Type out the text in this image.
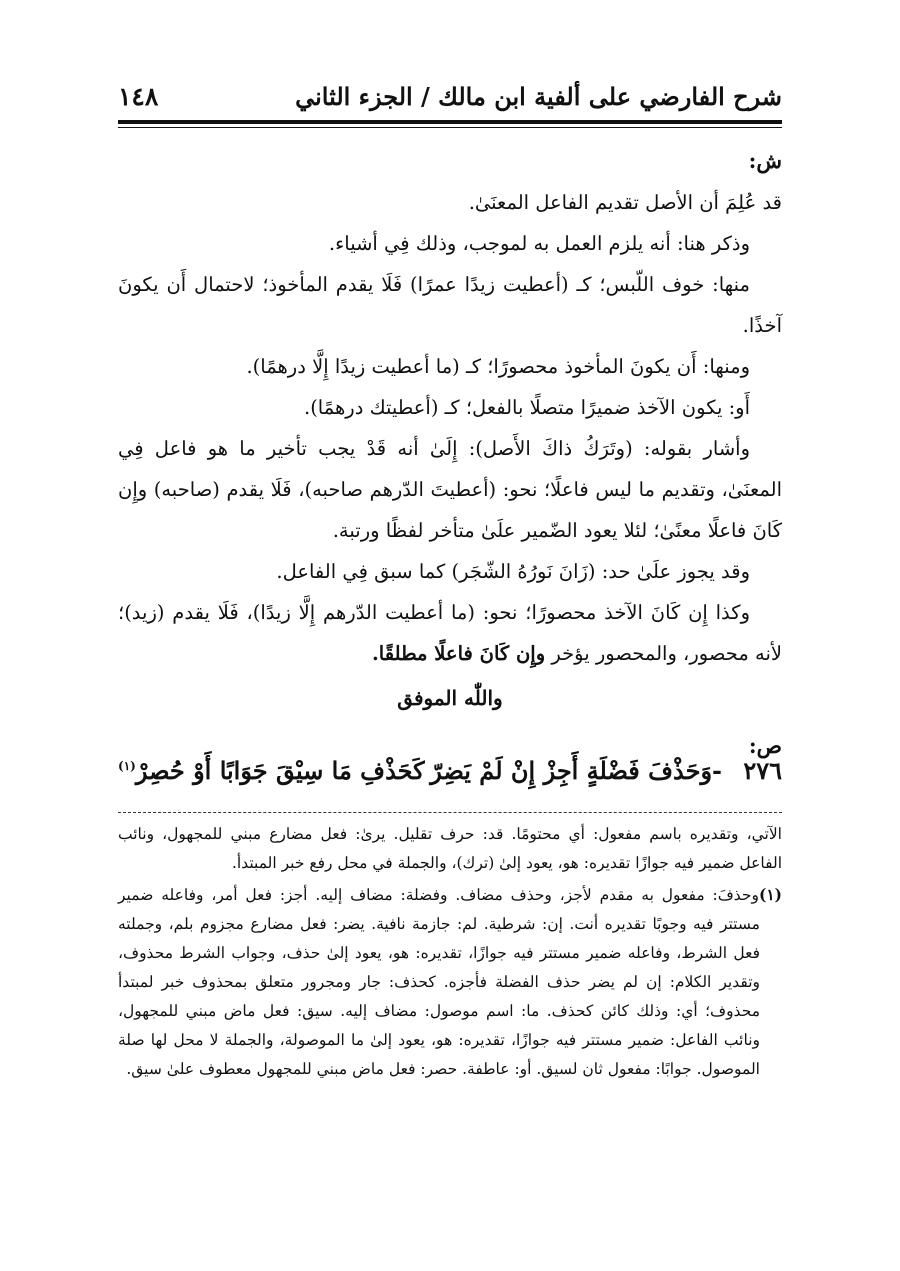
١٤٨	شرح الفارضي على ألفية ابن مالك / الجزء الثاني

ش:

قد عُلِمَ أن الأصل تقديم الفاعل المعنَىٰ.

وذكر هنا: أنه يلزم العمل به لموجب، وذلك فِي أشياء.

منها: خوف اللّبس؛ كـ (أعطيت زيدًا عمرًا) فَلَا يقدم المأخوذ؛ لاحتمال أَن يكونَ آخذًا.

ومنها: أَن يكونَ المأخوذ محصورًا؛ كـ (ما أعطيت زيدًا إِلَّا درهمًا).

أَو: يكون الآخذ ضميرًا متصلًا بالفعل؛ كـ (أعطيتك درهمًا).

وأشار بقوله: (وتَرَكُ ذاكَ الأَصل): إِلَىٰ أنه قَدْ يجب تأخير ما هو فاعل فِي المعنَىٰ، وتقديم ما ليس فاعلًا؛ نحو: (أعطيتَ الدّرهم صاحبه)، فَلَا يقدم (صاحبه) وإِن كَانَ فاعلًا معنًىٰ؛ لئلا يعود الضّمير علَىٰ متأخر لفظًا ورتبة.

وقد يجوز علَىٰ حد: (زَانَ نَورُهُ الشّجَر) كما سبق فِي الفاعل.

وكذا إِن كَانَ الآخذ محصورًا؛ نحو: (ما أعطيت الدّرهم إِلَّا زيدًا)، فَلَا يقدم (زيد)؛ لأنه محصور، والمحصور يؤخر وإِن كَانَ فاعلًا مطلقًا.

واللّٰه الموفق

ص:

٢٧٦
-وَحَذْفَ فَضْلَةٍ أَجِزْ إِنْ لَمْ يَضِرّ
كَحَذْفِ مَا سِيْقَ جَوَابًا أَوْ حُصِرْ$^{(١)}$

الآتي، وتقديره باسم مفعول: أي محتومًا. قد: حرف تقليل. يرىٰ: فعل مضارع مبني للمجهول، ونائب الفاعل ضمير فيه جوازًا تقديره: هو، يعود إلىٰ (ترك)، والجملة في محل رفع خبر المبتدأ.

(١)وحذفَ: مفعول به مقدم لأجز، وحذف مضاف. وفضلة: مضاف إليه. أجز: فعل أمر، وفاعله ضمير مستتر فيه وجوبًا تقديره أنت. إن: شرطية. لم: جازمة نافية. يضر: فعل مضارع مجزوم بلم، وجملته فعل الشرط، وفاعله ضمير مستتر فيه جوازًا، تقديره: هو، يعود إلىٰ حذف، وجواب الشرط محذوف، وتقدير الكلام: إن لم يضر حذف الفضلة فأجزه. كحذف: جار ومجرور متعلق بمحذوف خبر لمبتدأ محذوف؛ أي: وذلك كائن كحذف. ما: اسم موصول: مضاف إليه. سيق: فعل ماض مبني للمجهول، ونائب الفاعل: ضمير مستتر فيه جوازًا، تقديره: هو، يعود إلىٰ ما الموصولة، والجملة لا محل لها صلة الموصول. جوابًا: مفعول ثان لسيق. أو: عاطفة. حصر: فعل ماض مبني للمجهول معطوف علىٰ سيق.
